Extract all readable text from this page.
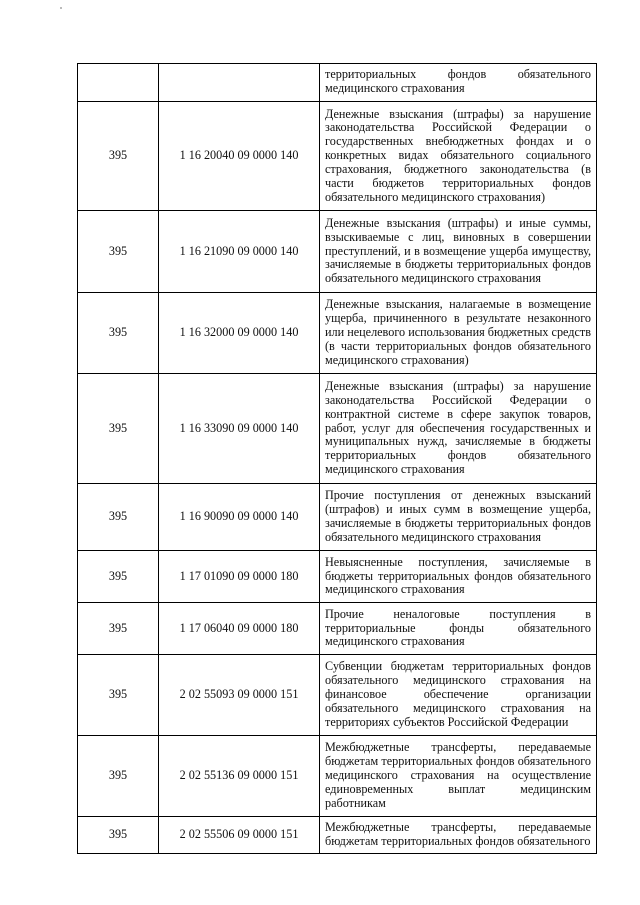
		территориальных фондов обязательного медицинского страхования
395	1 16 20040 09 0000 140	Денежные взыскания (штрафы) за нарушение законодательства Российской Федерации о государственных внебюджетных фондах и о конкретных видах обязательного социального страхования, бюджетного законодательства (в части бюджетов территориальных фондов обязательного медицинского страхования)
395	1 16 21090 09 0000 140	Денежные взыскания (штрафы) и иные суммы, взыскиваемые с лиц, виновных в совершении преступлений, и в возмещение ущерба имуществу, зачисляемые в бюджеты территориальных фондов обязательного медицинского страхования
395	1 16 32000 09 0000 140	Денежные взыскания, налагаемые в возмещение ущерба, причиненного в результате незаконного или нецелевого использования бюджетных средств (в части территориальных фондов обязательного медицинского страхования)
395	1 16 33090 09 0000 140	Денежные взыскания (штрафы) за нарушение законодательства Российской Федерации о контрактной системе в сфере закупок товаров, работ, услуг для обеспечения государственных и муниципальных нужд, зачисляемые в бюджеты территориальных фондов обязательного медицинского страхования
395	1 16 90090 09 0000 140	Прочие поступления от денежных взысканий (штрафов) и иных сумм в возмещение ущерба, зачисляемые в бюджеты территориальных фондов обязательного медицинского страхования
395	1 17 01090 09 0000 180	Невыясненные поступления, зачисляемые в бюджеты территориальных фондов обязательного медицинского страхования
395	1 17 06040 09 0000 180	Прочие неналоговые поступления в территориальные фонды обязательного медицинского страхования
395	2 02 55093 09 0000 151	Субвенции бюджетам территориальных фондов обязательного медицинского страхования на финансовое обеспечение организации обязательного медицинского страхования на территориях субъектов Российской Федерации
395	2 02 55136 09 0000 151	Межбюджетные трансферты, передаваемые бюджетам территориальных фондов обязательного медицинского страхования на осуществление единовременных выплат медицинским работникам
395	2 02 55506 09 0000 151	Межбюджетные трансферты, передаваемые бюджетам территориальных фондов обязательного
